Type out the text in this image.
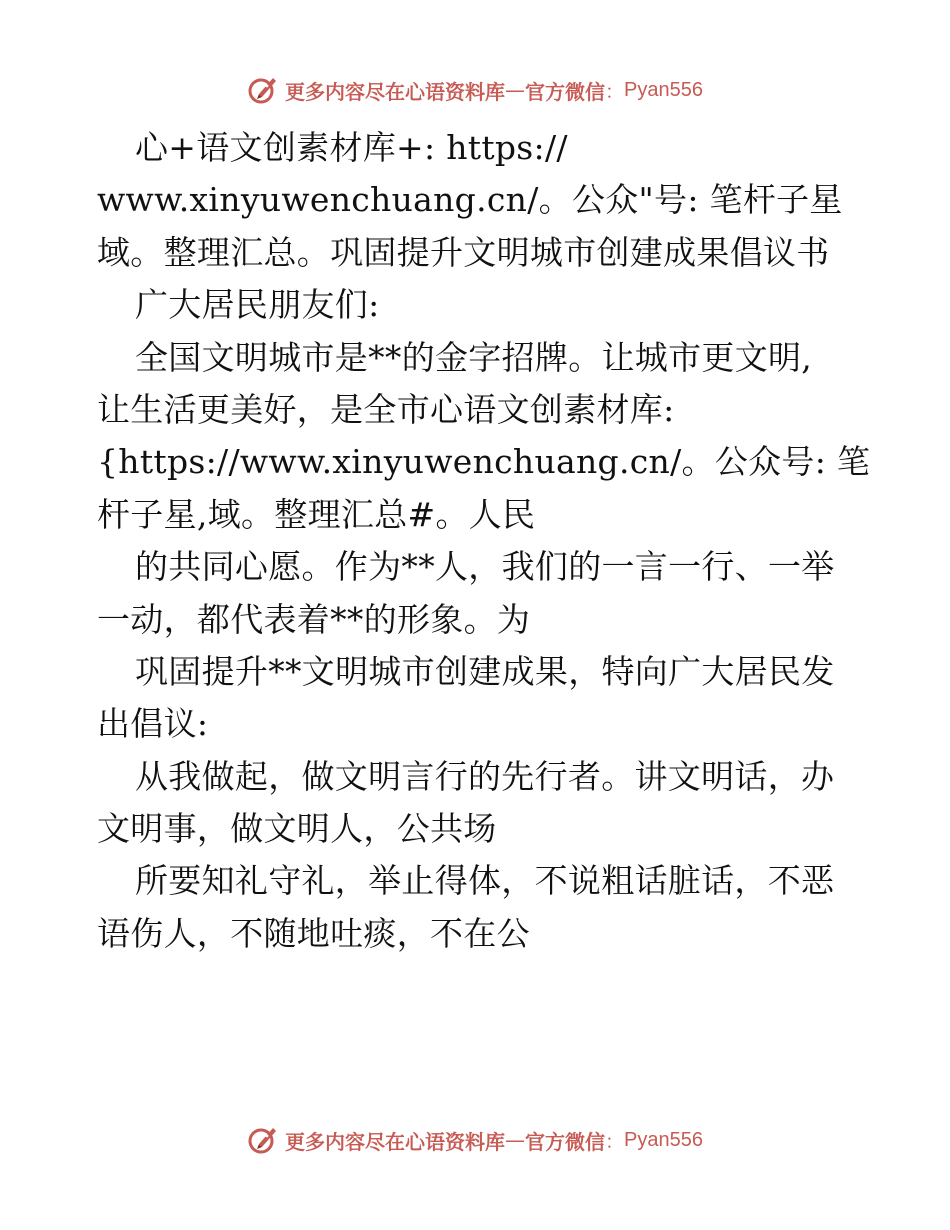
更多内容尽在心语资料库 — 官方微信 ： Pyan556
心+语文创素材库+: https://
www.xinyuwenchuang.cn/。公众"号: 笔杆子星
域。整理汇总。巩固提升文明城市创建成果倡议书
广大居民朋友们:
全国文明城市是**的金字招牌。让城市更文明,
让生活更美好，是全市心语文创素材库:
{https://www.xinyuwenchuang.cn/。公众号: 笔
杆子星,域。整理汇总#。人民
的共同心愿。作为**人，我们的一言一行、一举
一动，都代表着**的形象。为
巩固提升**文明城市创建成果，特向广大居民发
出倡议:
从我做起，做文明言行的先行者。讲文明话，办
文明事，做文明人，公共场
所要知礼守礼，举止得体，不说粗话脏话，不恶
语伤人，不随地吐痰，不在公
更多内容尽在心语资料库 — 官方微信 ： Pyan556
